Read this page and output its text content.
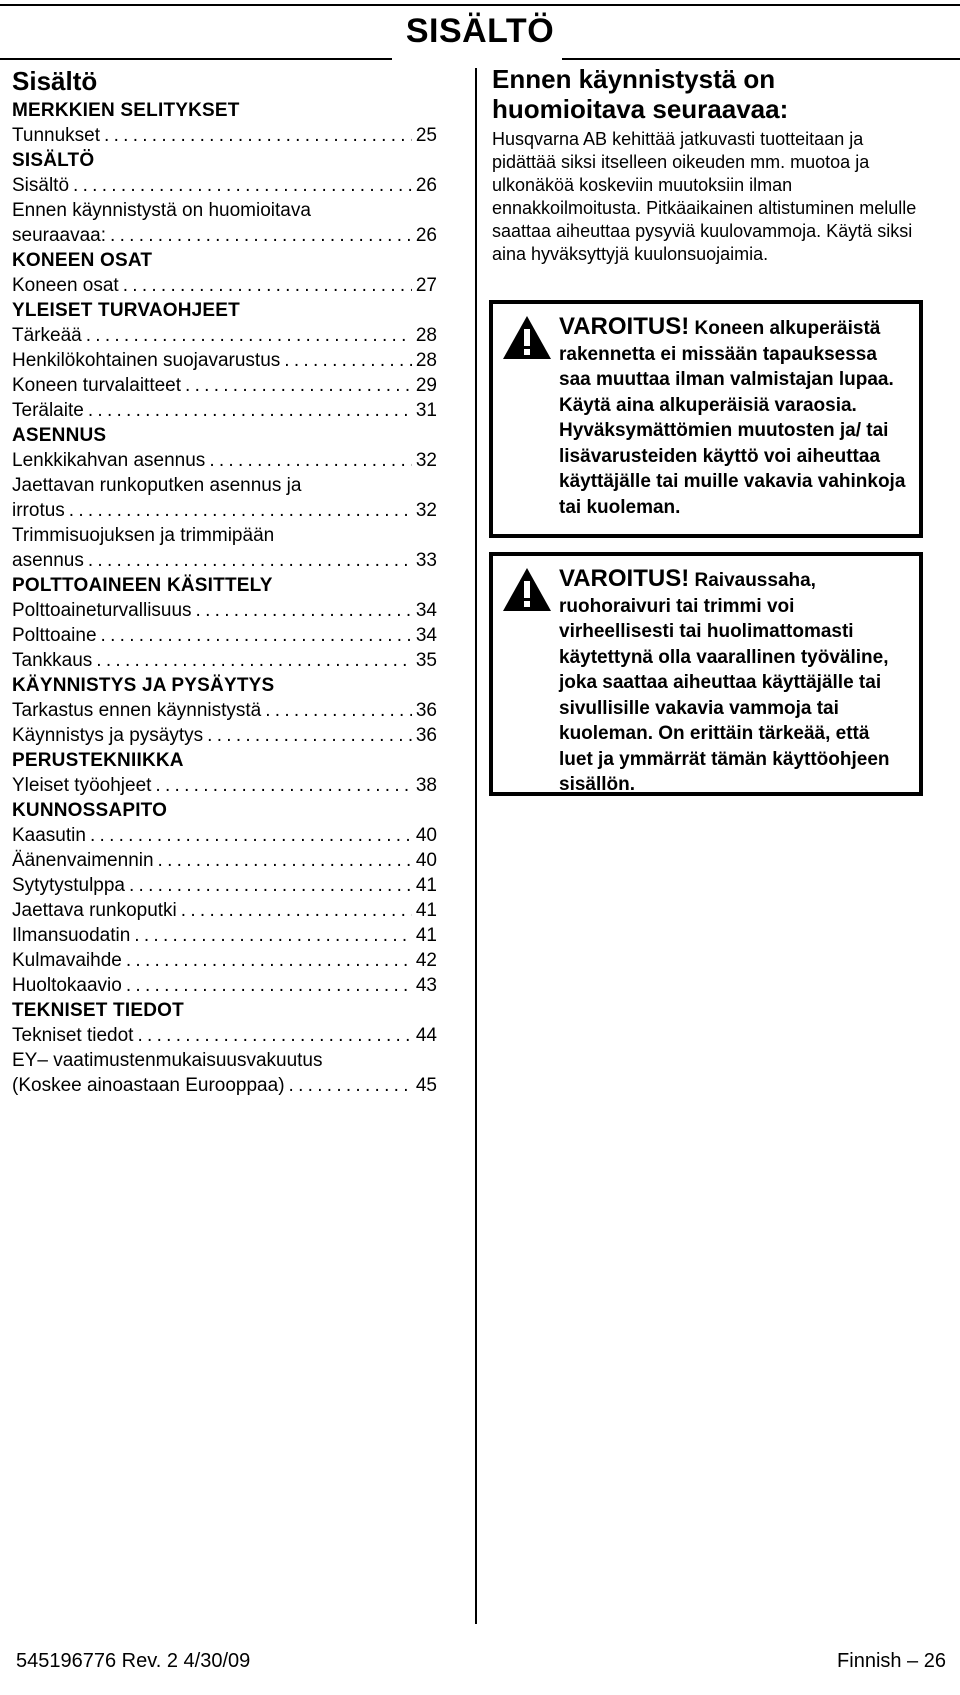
SISÄLTÖ
Sisältö
MERKKIEN SELITYKSET
Tunnukset . . .	25
SISÄLTÖ
Sisältö . . .	26
Ennen käynnistystä on huomioitava
seuraavaa: . . .	26
KONEEN OSAT
Koneen osat . . .	27
YLEISET TURVAOHJEET
Tärkeää . . .	28
Henkilökohtainen suojavarustus . . .	28
Koneen turvalaitteet . . .	29
Terälaite . . .	31
ASENNUS
Lenkkikahvan asennus . . .	32
Jaettavan runkoputken asennus ja
irrotus . . .	32
Trimmisuojuksen ja trimmipään
asennus . . .	33
POLTTOAINEEN KÄSITTELY
Polttoaineturvallisuus . . .	34
Polttoaine . . .	34
Tankkaus . . .	35
KÄYNNISTYS JA PYSÄYTYS
Tarkastus ennen käynnistystä . . .	36
Käynnistys ja pysäytys . . .	36
PERUSTEKNIIKKA
Yleiset työohjeet . . .	38
KUNNOSSAPITO
Kaasutin . . .	40
Äänenvaimennin . . .	40
Sytytystulppa . . .	41
Jaettava runkoputki . . .	41
Ilmansuodatin . . .	41
Kulmavaihde . . .	42
Huoltokaavio . . .	43
TEKNISET TIEDOT
Tekniset tiedot . . .	44
EY– vaatimustenmukaisuusvakuutus
(Koskee ainoastaan Eurooppaa) . . .	45
Ennen käynnistystä on huomioitava seuraavaa:

Husqvarna AB kehittää jatkuvasti tuotteitaan ja pidättää siksi itselleen oikeuden mm. muotoa ja ulkonäköä koskeviin muutoksiin ilman ennakkoilmoitusta. Pitkäaikainen altistuminen melulle saattaa aiheuttaa pysyviä kuulovammoja. Käytä siksi aina hyväksyttyjä kuulonsuojaimia.

VAROITUS! Koneen alkuperäistä rakennetta ei missään tapauksessa saa muuttaa ilman valmistajan lupaa. Käytä aina alkuperäisiä varaosia. Hyväksymättömien muutosten ja/ tai lisävarusteiden käyttö voi aiheuttaa käyttäjälle tai muille vakavia vahinkoja tai kuoleman.
VAROITUS! Raivaussaha, ruohoraivuri tai trimmi voi virheellisesti tai huolimattomasti käytettynä olla vaarallinen työväline, joka saattaa aiheuttaa käyttäjälle tai sivullisille vakavia vammoja tai kuoleman. On erittäin tärkeää, että luet ja ymmärrät tämän käyttöohjeen sisällön.
545196776 Rev. 2 4/30/09	Finnish – 26
